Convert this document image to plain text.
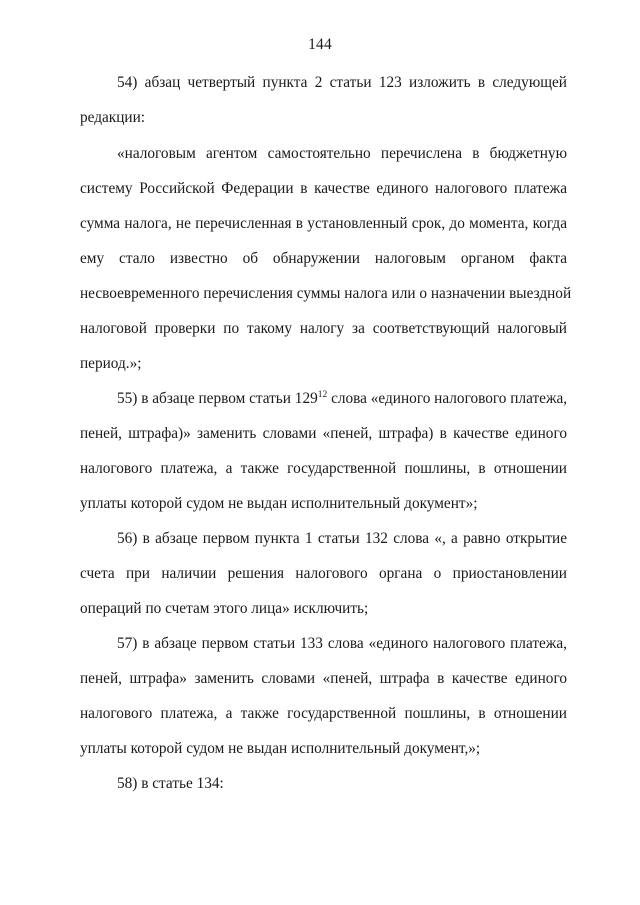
144
54) абзац четвертый пункта 2 статьи 123 изложить в следующей
редакции:
«налоговым агентом самостоятельно перечислена в бюджетную
систему Российской Федерации в качестве единого налогового платежа
сумма налога, не перечисленная в установленный срок, до момента, когда
ему стало известно об обнаружении налоговым органом факта
несвоевременного перечисления суммы налога или о назначении выездной
налоговой проверки по такому налогу за соответствующий налоговый
период.»;
55) в абзаце первом статьи $129^{12}$ слова «единого налогового платежа,
пеней, штрафа)» заменить словами «пеней, штрафа) в качестве единого
налогового платежа, а также государственной пошлины, в отношении
уплаты которой судом не выдан исполнительный документ»;
56) в абзаце первом пункта 1 статьи 132 слова «, а равно открытие
счета при наличии решения налогового органа о приостановлении
операций по счетам этого лица» исключить;
57) в абзаце первом статьи 133 слова «единого налогового платежа,
пеней, штрафа» заменить словами «пеней, штрафа в качестве единого
налогового платежа, а также государственной пошлины, в отношении
уплаты которой судом не выдан исполнительный документ,»;
58) в статье 134:
